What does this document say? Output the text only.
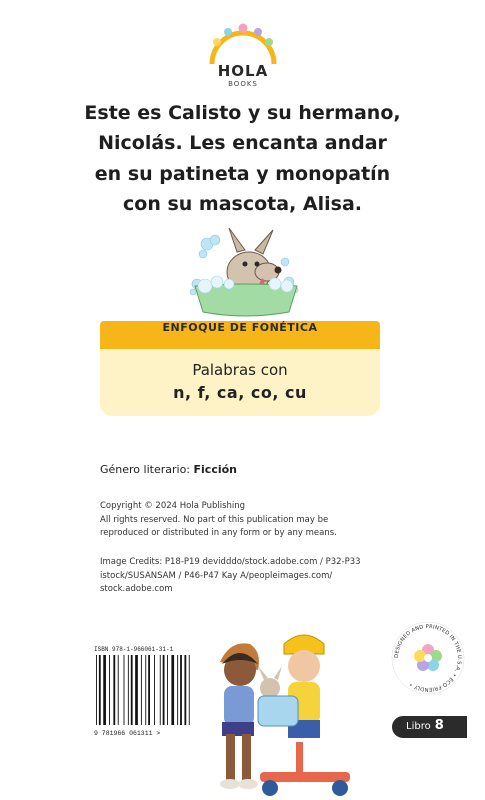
HOLA
BOOKS
Este es Calisto y su hermano,
Nicolás. Les encanta andar
en su patineta y monopatín
con su mascota, Alisa.
ENFOQUE DE FONÉTICA
Palabras con
n, f, ca, co, cu
Género literario: Ficción
Copyright © 2024 Hola Publishing
All rights reserved. No part of this publication may be
reproduced or distributed in any form or by any means.
Image Credits: P18-P19 devidddo/stock.adobe.com / P32-P33
istock/SUSANSAM / P46-P47 Kay A/peopleimages.com/
stock.adobe.com
ISBN 978-1-966061-31-1
9 781966 061311 >
DESIGNED AND PRINTED IN THE U.S.A. • ECO FRIENDLY •
Libro 8
